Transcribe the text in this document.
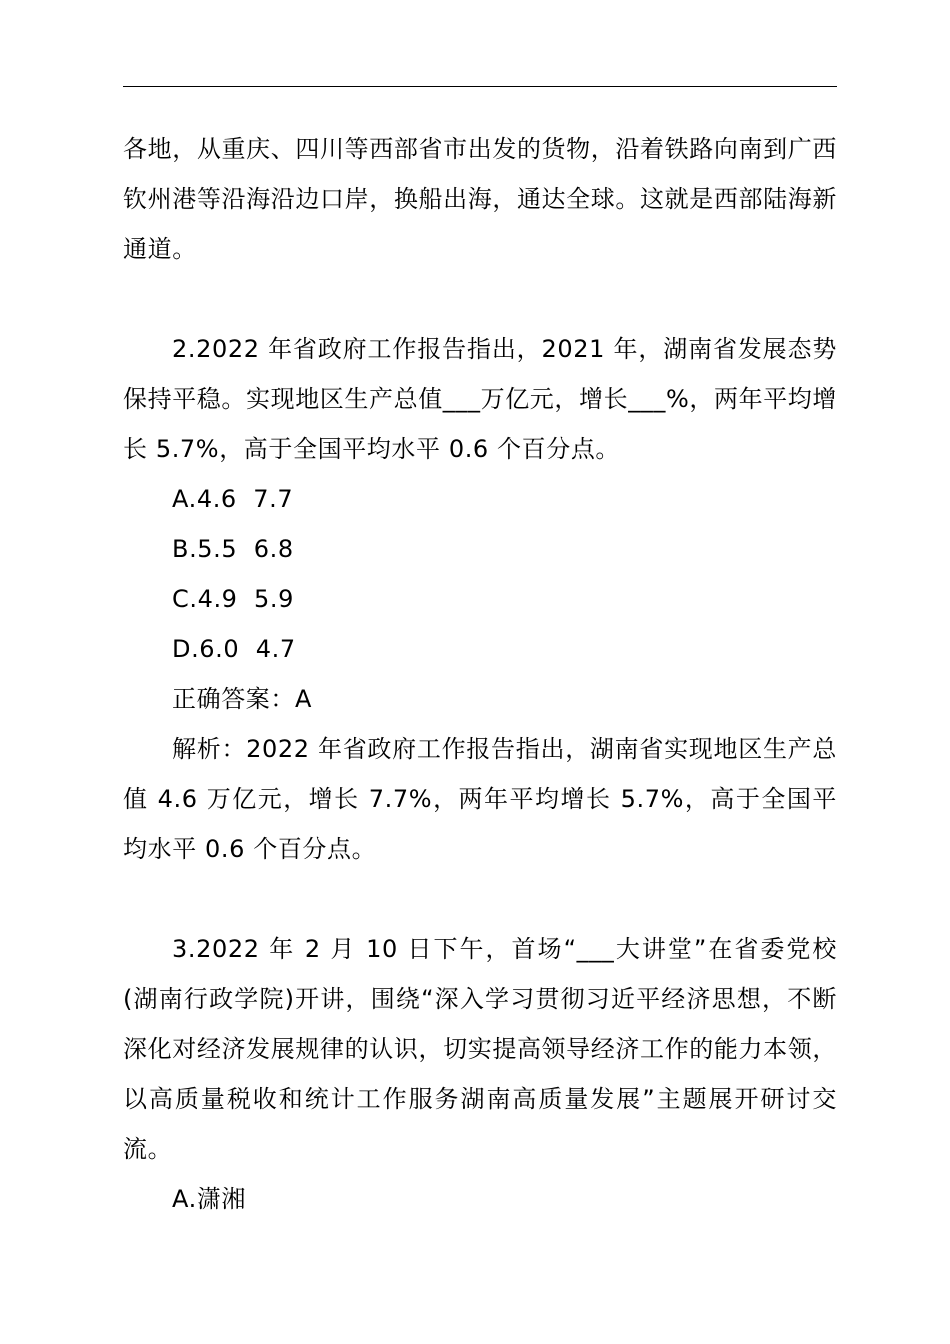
各地，从重庆、四川等西部省市出发的货物，沿着铁路向南到广西钦州港等沿海沿边口岸，换船出海，通达全球。这就是西部陆海新通道。

2.2022 年省政府工作报告指出，2021 年，湖南省发展态势保持平稳。实现地区生产总值___万亿元，增长___%，两年平均增长 5.7%，高于全国平均水平 0.6 个百分点。

A.4.6  7.7

B.5.5  6.8

C.4.9  5.9

D.6.0  4.7

正确答案：A

解析：2022 年省政府工作报告指出，湖南省实现地区生产总值 4.6 万亿元，增长 7.7%，两年平均增长 5.7%，高于全国平均水平 0.6 个百分点。

3.2022 年 2 月 10 日下午，首场“___大讲堂”在省委党校(湖南行政学院)开讲，围绕“深入学习贯彻习近平经济思想，不断深化对经济发展规律的认识，切实提高领导经济工作的能力本领，以高质量税收和统计工作服务湖南高质量发展”主题展开研讨交流。

A.潇湘
